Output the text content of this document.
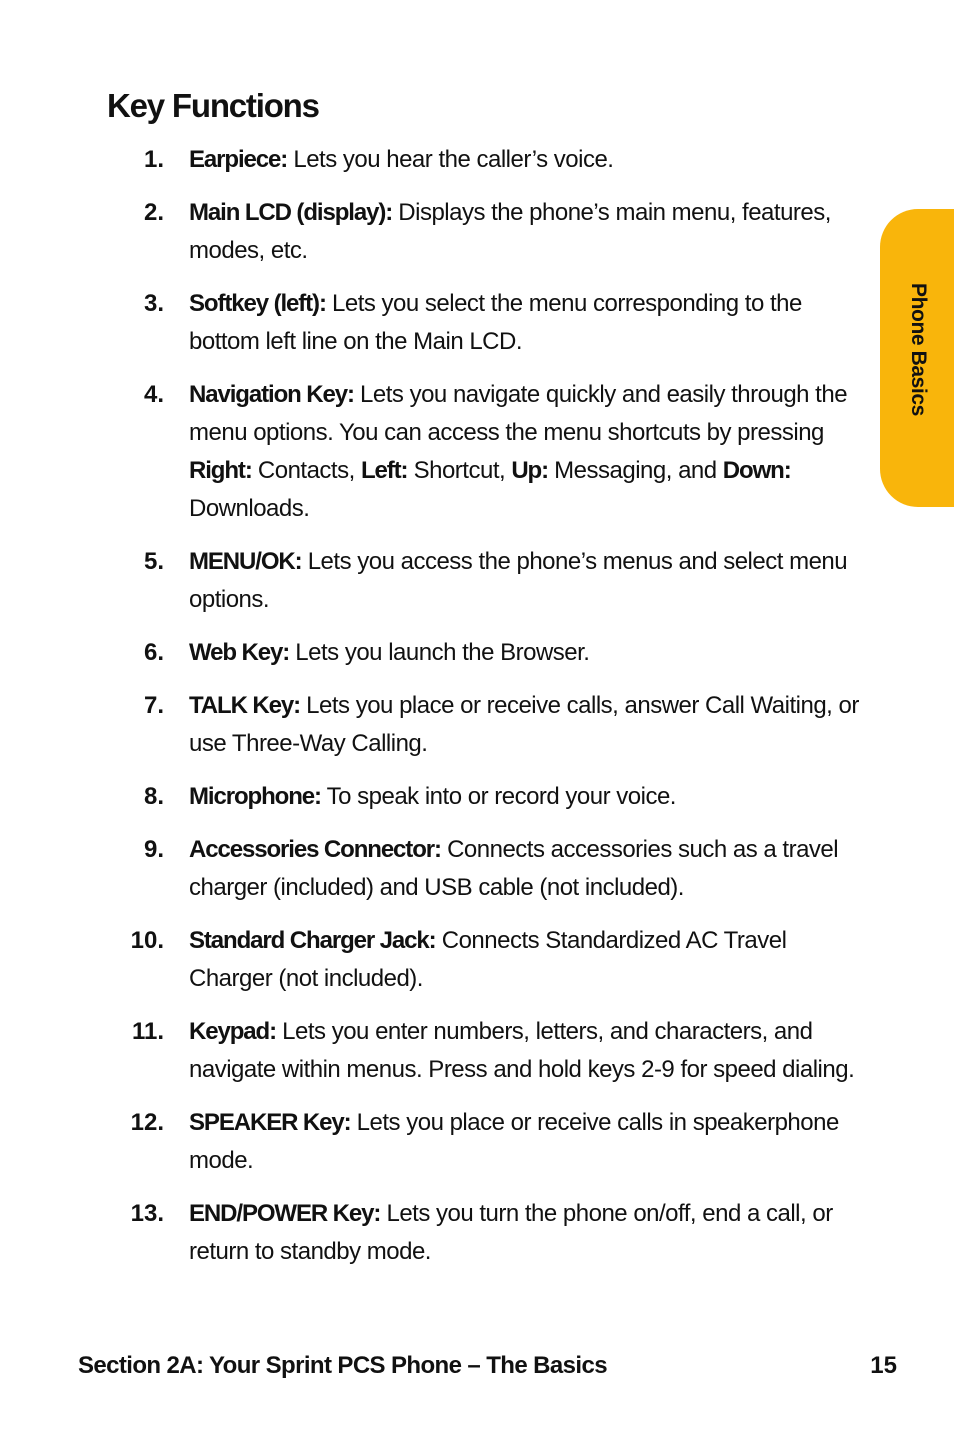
Key Functions
1. Earpiece: Lets you hear the caller’s voice.
2. Main LCD (display): Displays the phone’s main menu, features, modes, etc.
3. Softkey (left): Lets you select the menu corresponding to the bottom left line on the Main LCD.
4. Navigation Key: Lets you navigate quickly and easily through the menu options. You can access the menu shortcuts by pressing Right: Contacts, Left: Shortcut, Up: Messaging, and Down: Downloads.
5. MENU/OK: Lets you access the phone’s menus and select menu options.
6. Web Key: Lets you launch the Browser.
7. TALK Key: Lets you place or receive calls, answer Call Waiting, or use Three-Way Calling.
8. Microphone: To speak into or record your voice.
9. Accessories Connector: Connects accessories such as a travel charger (included) and USB cable (not included).
10. Standard Charger Jack: Connects Standardized AC Travel Charger (not included).
11. Keypad: Lets you enter numbers, letters, and characters, and navigate within menus. Press and hold keys 2-9 for speed dialing.
12. SPEAKER Key: Lets you place or receive calls in speakerphone mode.
13. END/POWER Key: Lets you turn the phone on/off, end a call, or return to standby mode.
Phone Basics
Section 2A: Your Sprint PCS Phone – The Basics	15
